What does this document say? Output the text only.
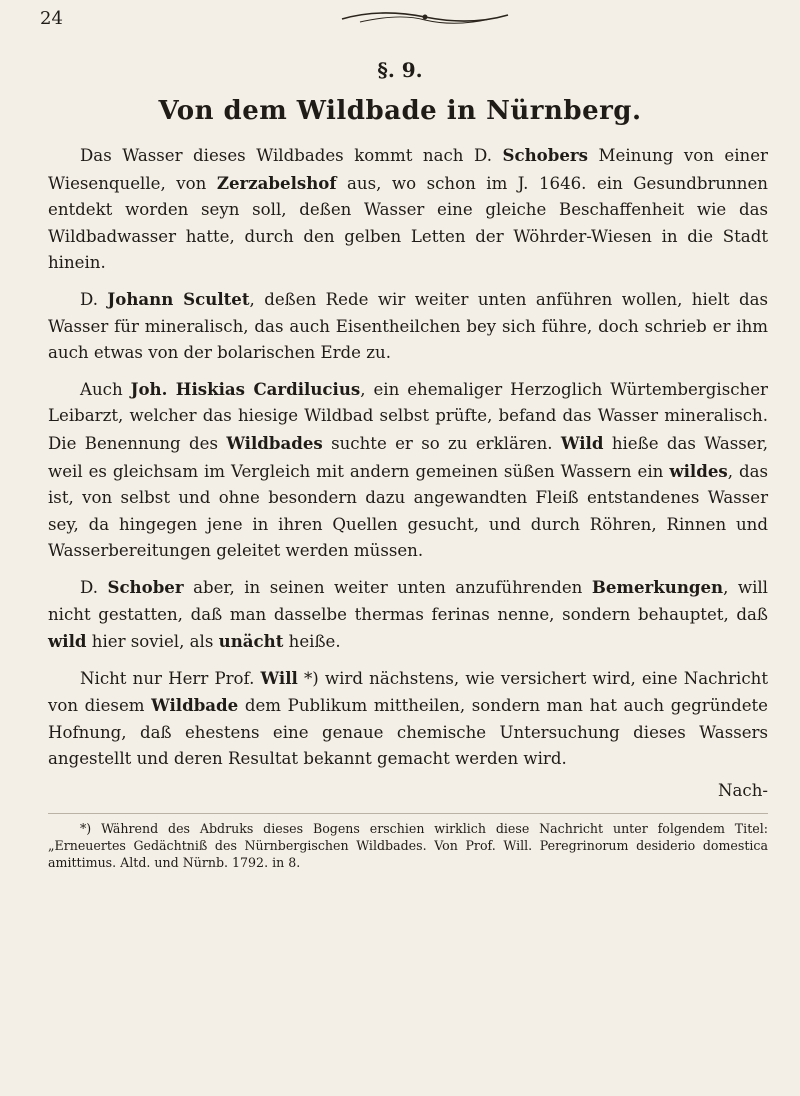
24
§. 9.
Von dem Wildbade in Nürnberg.

Das Wasser dieses Wildbades kommt nach D. Schobers Meinung von einer Wiesenquelle, von Zerzabelshof aus, wo schon im J. 1646. ein Gesundbrunnen entdekt worden seyn soll, deßen Wasser eine gleiche Beschaffenheit wie das Wildbadwasser hatte, durch den gelben Letten der Wöhrder-Wiesen in die Stadt hinein.

D. Johann Scultet, deßen Rede wir weiter unten anführen wollen, hielt das Wasser für mineralisch, das auch Eisentheilchen bey sich führe, doch schrieb er ihm auch etwas von der bolarischen Erde zu.

Auch Joh. Hiskias Cardilucius, ein ehemaliger Herzoglich Würtembergischer Leibarzt, welcher das hiesige Wildbad selbst prüfte, befand das Wasser mineralisch. Die Benennung des Wildbades suchte er so zu erklären. Wild hieße das Wasser, weil es gleichsam im Vergleich mit andern gemeinen süßen Wassern ein wildes, das ist, von selbst und ohne besondern dazu angewandten Fleiß entstandenes Wasser sey, da hingegen jene in ihren Quellen gesucht, und durch Röhren, Rinnen und Wasserbereitungen geleitet werden müssen.

D. Schober aber, in seinen weiter unten anzuführenden Bemerkungen, will nicht gestatten, daß man dasselbe thermas ferinas nenne, sondern behauptet, daß wild hier soviel, als unächt heiße.

Nicht nur Herr Prof. Will *) wird nächstens, wie versichert wird, eine Nachricht von diesem Wildbade dem Publikum mittheilen, sondern man hat auch gegründete Hofnung, daß ehestens eine genaue chemische Untersuchung dieses Wassers angestellt und deren Resultat bekannt gemacht werden wird.

Nach-

*) Während des Abdruks dieses Bogens erschien wirklich diese Nachricht unter folgendem Titel: „Erneuertes Gedächtniß des Nürnbergischen Wildbades. Von Prof. Will. Peregrinorum desiderio domestica amittimus. Altd. und Nürnb. 1792. in 8.
